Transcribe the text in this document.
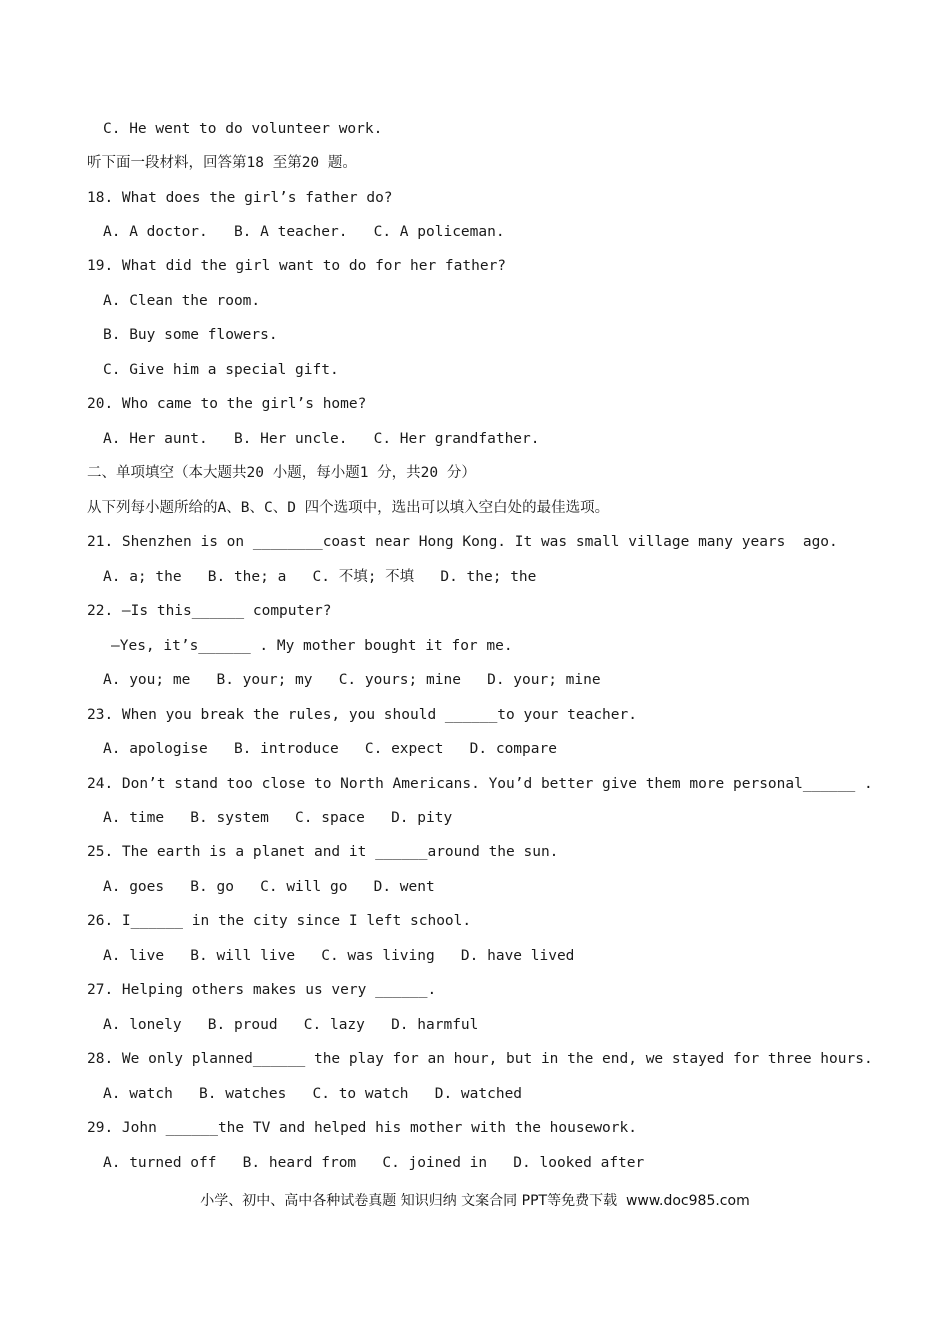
C. He went to do volunteer work.
听下面一段材料，回答第18 至第20 题。
18. What does the girl’s father do?
A. A doctor.   B. A teacher.   C. A policeman.
19. What did the girl want to do for her father?
A. Clean the room.
B. Buy some flowers.
C. Give him a special gift.
20. Who came to the girl’s home?
A. Her aunt.   B. Her uncle.   C. Her grandfather.
二、单项填空（本大题共20 小题，每小题1 分，共20 分）
从下列每小题所给的A、B、C、D 四个选项中，选出可以填入空白处的最佳选项。
21. Shenzhen is on ________coast near Hong Kong. It was small village many years  ago.
A. a; the   B. the; a   C. 不填; 不填   D. the; the
22. —Is this______ computer?
—Yes, it’s______ . My mother bought it for me.
A. you; me   B. your; my   C. yours; mine   D. your; mine
23. When you break the rules, you should ______to your teacher.
A. apologise   B. introduce   C. expect   D. compare
24. Don’t stand too close to North Americans. You’d better give them more personal______ .
A. time   B. system   C. space   D. pity
25. The earth is a planet and it ______around the sun.
A. goes   B. go   C. will go   D. went
26. I______ in the city since I left school.
A. live   B. will live   C. was living   D. have lived
27. Helping others makes us very ______.
A. lonely   B. proud   C. lazy   D. harmful
28. We only planned______ the play for an hour, but in the end, we stayed for three hours.
A. watch   B. watches   C. to watch   D. watched
29. John ______the TV and helped his mother with the housework.
A. turned off   B. heard from   C. joined in   D. looked after
小学、初中、高中各种试卷真题 知识归纳 文案合同 PPT等免费下载  www.doc985.com
